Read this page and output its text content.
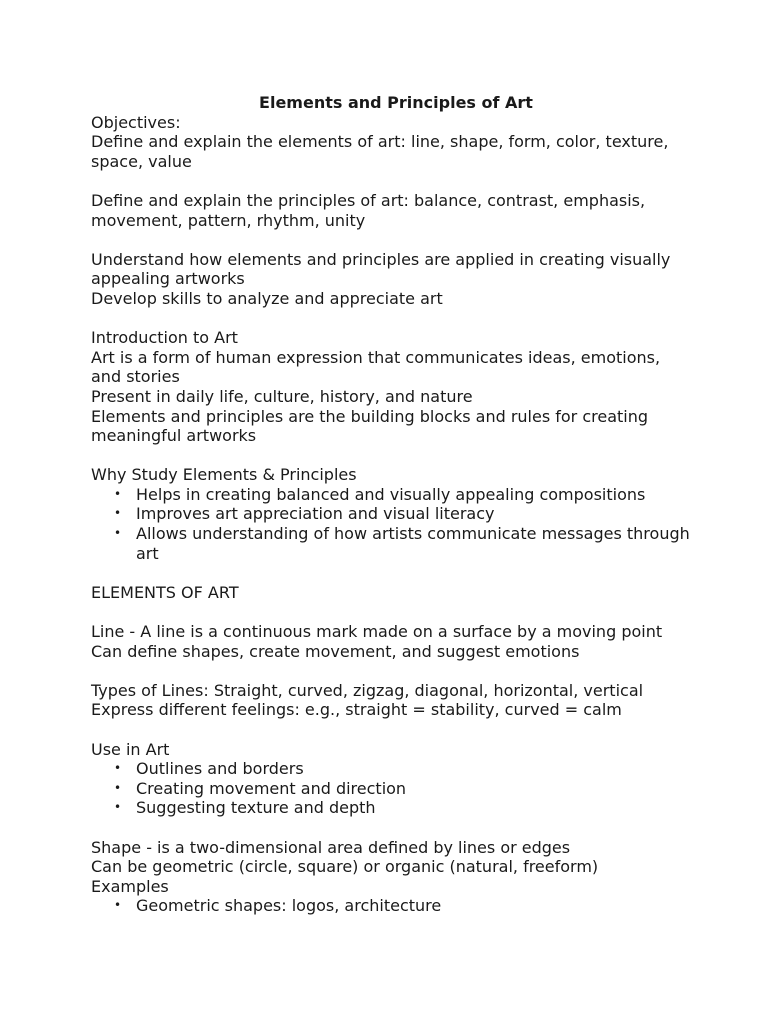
Elements and Principles of Art

Objectives:

Define and explain the elements of art: line, shape, form, color, texture, space, value

Define and explain the principles of art: balance, contrast, emphasis, movement, pattern, rhythm, unity

Understand how elements and principles are applied in creating visually appealing artworks

Develop skills to analyze and appreciate art

Introduction to Art

Art is a form of human expression that communicates ideas, emotions, and stories

Present in daily life, culture, history, and nature

Elements and principles are the building blocks and rules for creating meaningful artworks

Why Study Elements & Principles

• Helps in creating balanced and visually appealing compositions
• Improves art appreciation and visual literacy
• Allows understanding of how artists communicate messages through art

ELEMENTS OF ART

Line - A line is a continuous mark made on a surface by a moving point

Can define shapes, create movement, and suggest emotions

Types of Lines: Straight, curved, zigzag, diagonal, horizontal, vertical

Express different feelings: e.g., straight = stability, curved = calm

Use in Art

• Outlines and borders
• Creating movement and direction
• Suggesting texture and depth

Shape - is a two-dimensional area defined by lines or edges

Can be geometric (circle, square) or organic (natural, freeform)

Examples

• Geometric shapes: logos, architecture
